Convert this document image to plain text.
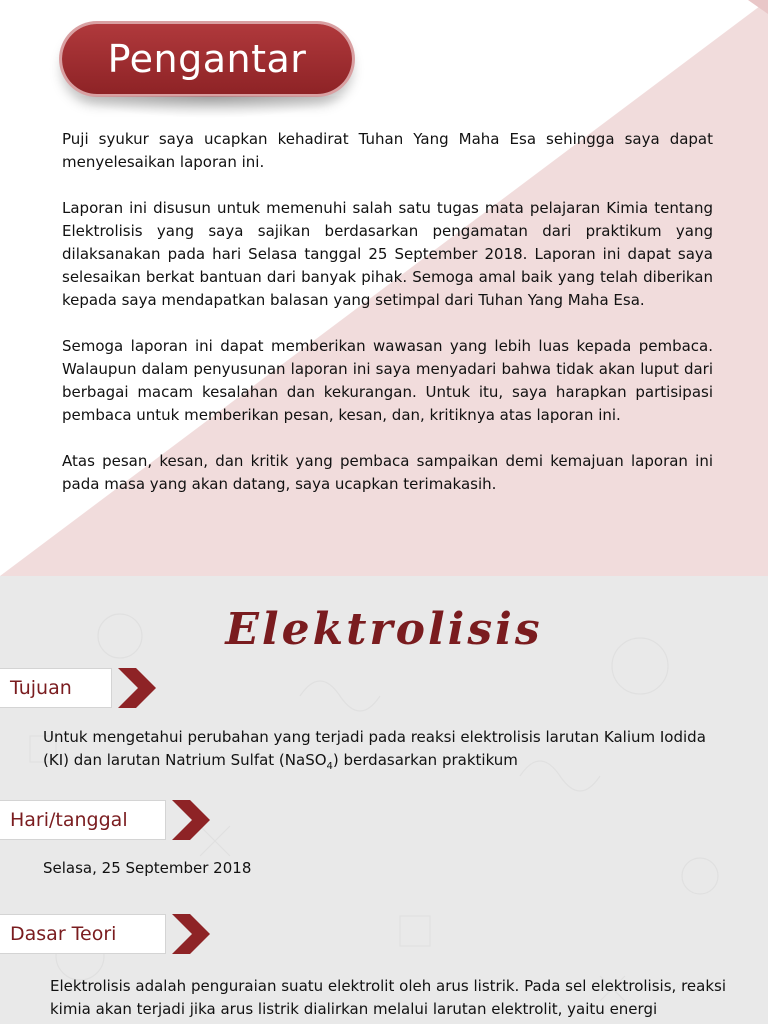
Pengantar

Puji syukur saya ucapkan kehadirat Tuhan Yang Maha Esa sehingga saya dapat menyelesaikan laporan ini.

Laporan ini disusun untuk memenuhi salah satu tugas mata pelajaran Kimia tentang Elektrolisis yang saya sajikan berdasarkan pengamatan dari praktikum yang dilaksanakan pada hari Selasa tanggal 25 September 2018. Laporan ini dapat saya selesaikan berkat bantuan dari banyak pihak. Semoga amal baik yang telah diberikan kepada saya mendapatkan balasan yang setimpal dari Tuhan Yang Maha Esa.

Semoga laporan ini dapat memberikan wawasan yang lebih luas kepada pembaca. Walaupun dalam penyusunan laporan ini saya menyadari bahwa tidak akan luput dari berbagai macam kesalahan dan kekurangan. Untuk itu, saya harapkan partisipasi pembaca untuk memberikan pesan, kesan, dan, kritiknya atas laporan ini.

Atas pesan, kesan, dan kritik yang pembaca sampaikan demi kemajuan laporan ini pada masa yang akan datang, saya ucapkan terimakasih.

Elektrolisis
Tujuan
Untuk mengetahui perubahan yang terjadi pada reaksi elektrolisis larutan Kalium Iodida (KI) dan larutan Natrium Sulfat (NaSO$_4$) berdasarkan praktikum
Hari/tanggal
Selasa, 25 September 2018
Dasar Teori
Elektrolisis adalah penguraian suatu elektrolit oleh arus listrik. Pada sel elektrolisis, reaksi kimia akan terjadi jika arus listrik dialirkan melalui larutan elektrolit, yaitu energi
